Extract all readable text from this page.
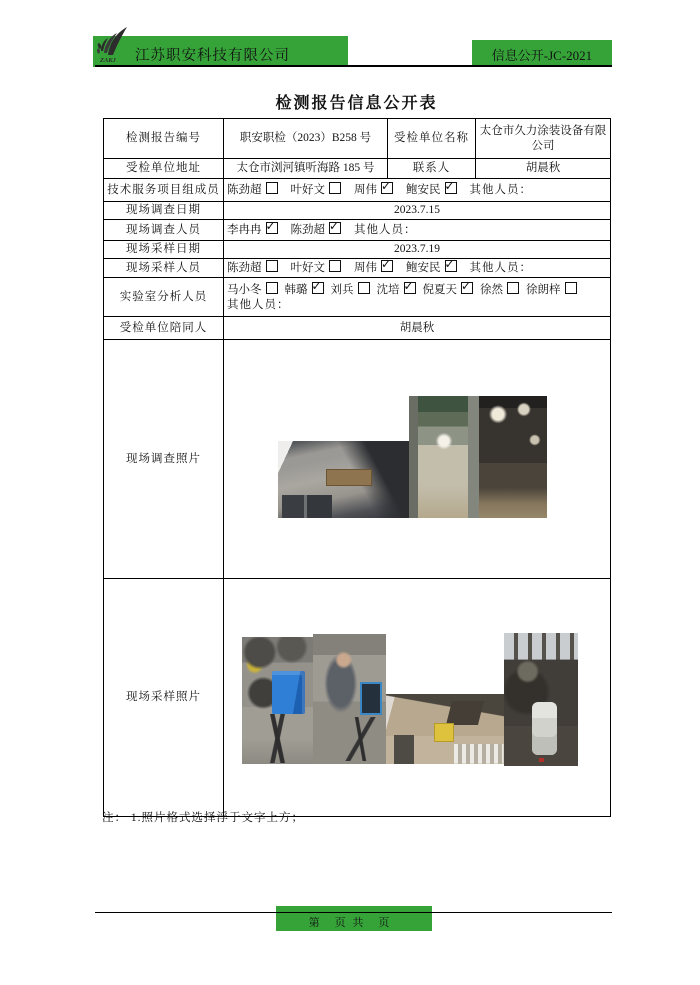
ZAKJ 江苏职安科技有限公司	信息公开-JC-2021
检测报告信息公开表
检测报告编号	职安职检（2023）B258 号	受检单位名称	太仓市久力涂装设备有限公司
受检单位地址	太仓市浏河镇听海路 185 号	联系人	胡晨秋
技术服务项目组成员	陈劲超 叶好文 周伟 ✓ 鲍安民 ✓ 其他人员：
现场调查日期	2023.7.15		
现场调查人员	李冉冉 ✓ 陈劲超 ✓ 其他人员：
现场采样日期	2023.7.19		
现场采样人员	陈劲超 叶好文 周伟 ✓ 鲍安民 ✓ 其他人员：
实验室分析人员	马小冬 韩璐 ✓ 刘兵 沈培 ✓ 倪夏天 ✓ 徐然 徐朗梓
其他人员：

受检单位陪同人	胡晨秋		
现场调查照片			

现场采样照片			
注： 1.照片格式选择浮于文字上方；
第　页 共　页
